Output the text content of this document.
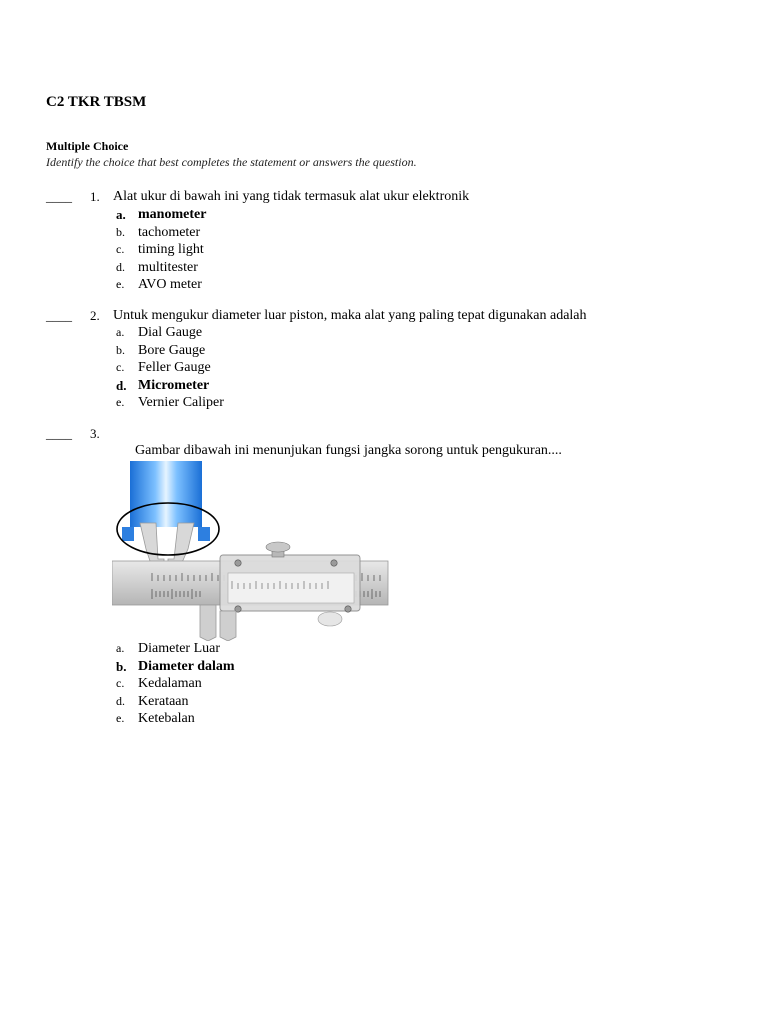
C2 TKR TBSM
Multiple Choice
Identify the choice that best completes the statement or answers the question.
____ 1. Alat ukur di bawah ini yang tidak termasuk alat ukur elektronik
a. manometer
b. tachometer
c. timing light
d. multitester
e. AVO meter
____ 2. Untuk mengukur diameter luar piston, maka alat yang paling tepat digunakan adalah
a. Dial Gauge
b. Bore Gauge
c. Feller Gauge
d. Micrometer
e. Vernier Caliper
____ 3.
Gambar dibawah ini menunjukan fungsi jangka sorong untuk pengukuran....
a. Diameter Luar
b. Diameter dalam
c. Kedalaman
d. Kerataan
e. Ketebalan
